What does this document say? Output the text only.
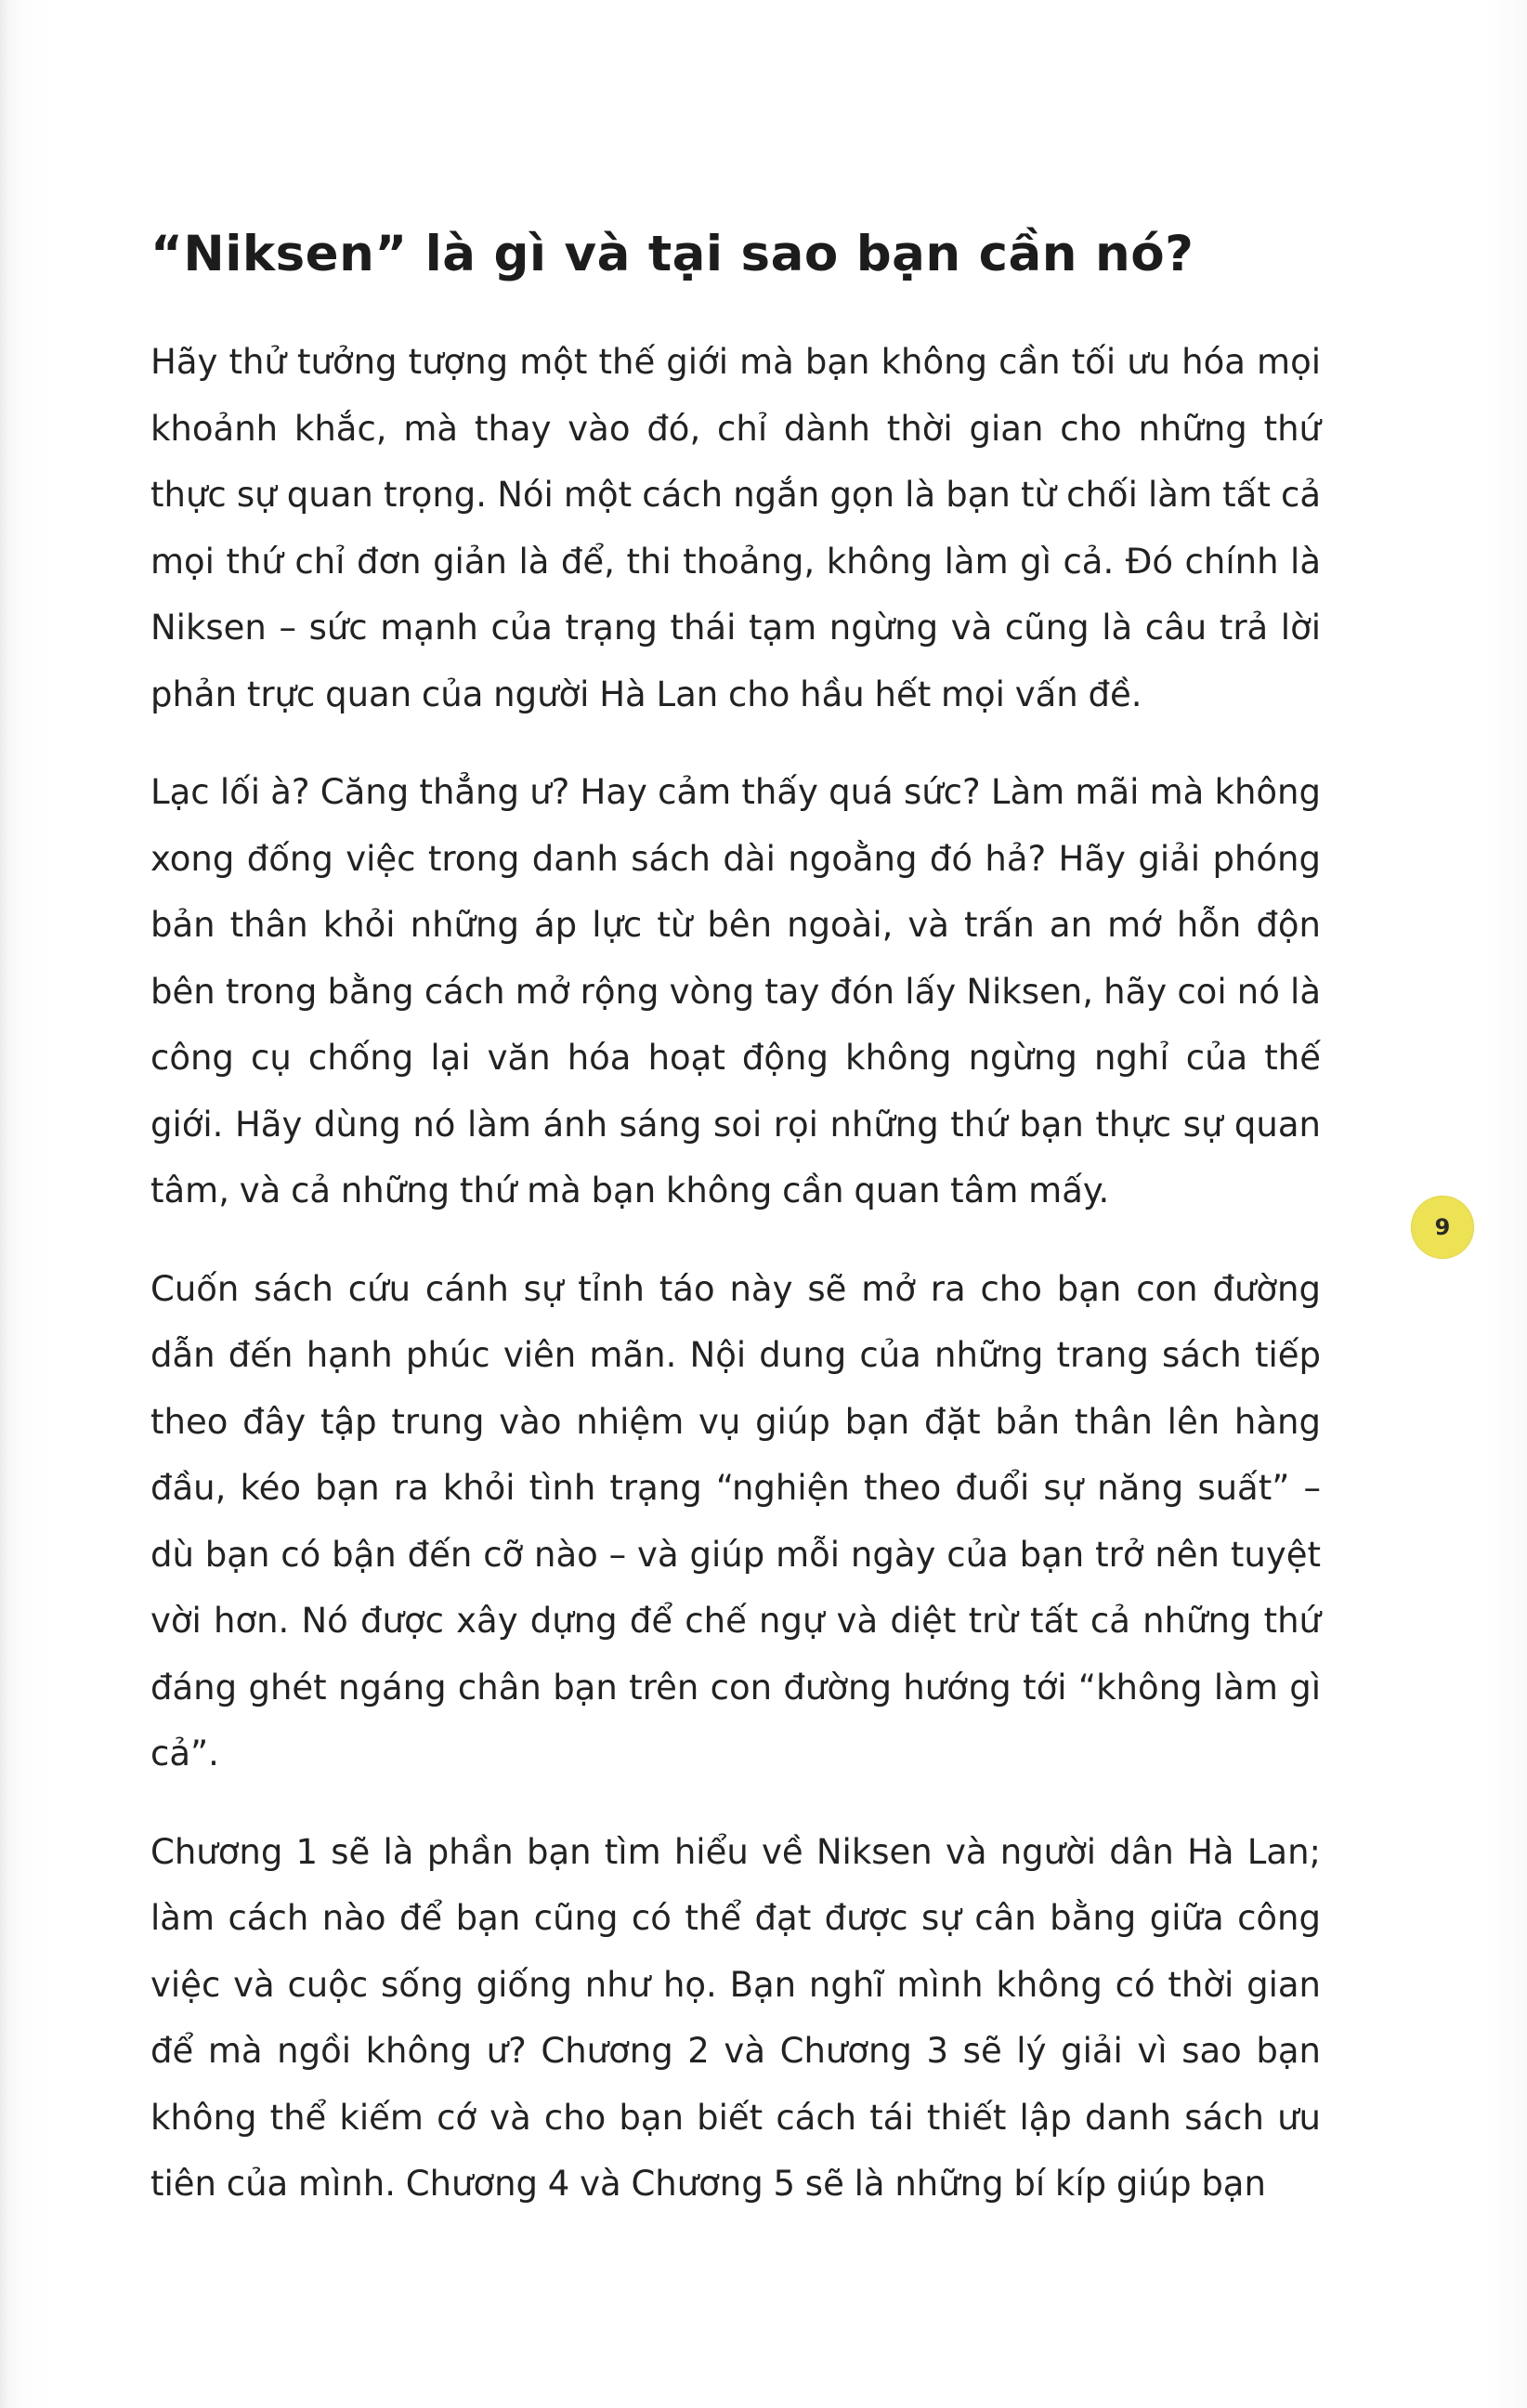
“Niksen” là gì và tại sao bạn cần nó?

Hãy thử tưởng tượng một thế giới mà bạn không cần tối ưu hóa mọi khoảnh khắc, mà thay vào đó, chỉ dành thời gian cho những thứ thực sự quan trọng. Nói một cách ngắn gọn là bạn từ chối làm tất cả mọi thứ chỉ đơn giản là để, thi thoảng, không làm gì cả. Đó chính là Niksen – sức mạnh của trạng thái tạm ngừng và cũng là câu trả lời phản trực quan của người Hà Lan cho hầu hết mọi vấn đề.

Lạc lối à? Căng thẳng ư? Hay cảm thấy quá sức? Làm mãi mà không xong đống việc trong danh sách dài ngoằng đó hả? Hãy giải phóng bản thân khỏi những áp lực từ bên ngoài, và trấn an mớ hỗn độn bên trong bằng cách mở rộng vòng tay đón lấy Niksen, hãy coi nó là công cụ chống lại văn hóa hoạt động không ngừng nghỉ của thế giới. Hãy dùng nó làm ánh sáng soi rọi những thứ bạn thực sự quan tâm, và cả những thứ mà bạn không cần quan tâm mấy.

Cuốn sách cứu cánh sự tỉnh táo này sẽ mở ra cho bạn con đường dẫn đến hạnh phúc viên mãn. Nội dung của những trang sách tiếp theo đây tập trung vào nhiệm vụ giúp bạn đặt bản thân lên hàng đầu, kéo bạn ra khỏi tình trạng “nghiện theo đuổi sự năng suất” – dù bạn có bận đến cỡ nào – và giúp mỗi ngày của bạn trở nên tuyệt vời hơn. Nó được xây dựng để chế ngự và diệt trừ tất cả những thứ đáng ghét ngáng chân bạn trên con đường hướng tới “không làm gì cả”.

Chương 1 sẽ là phần bạn tìm hiểu về Niksen và người dân Hà Lan; làm cách nào để bạn cũng có thể đạt được sự cân bằng giữa công việc và cuộc sống giống như họ. Bạn nghĩ mình không có thời gian để mà ngồi không ư? Chương 2 và Chương 3 sẽ lý giải vì sao bạn không thể kiếm cớ và cho bạn biết cách tái thiết lập danh sách ưu tiên của mình. Chương 4 và Chương 5 sẽ là những bí kíp giúp bạn

9
